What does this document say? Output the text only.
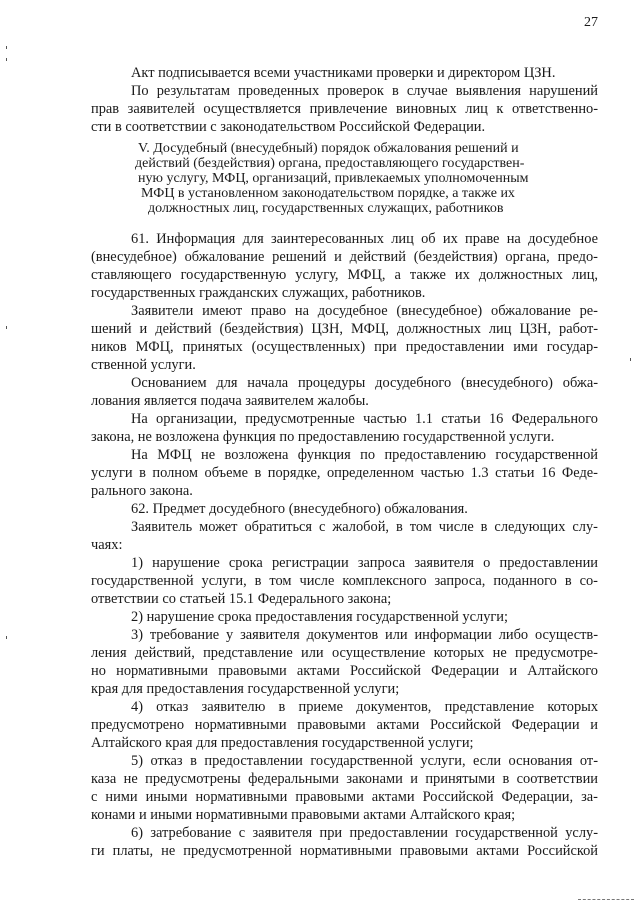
27
Акт подписывается всеми участниками проверки и директором ЦЗН.
По результатам проведенных проверок в случае выявления нарушений
прав заявителей осуществляется привлечение виновных лиц к ответственно-
сти в соответствии с законодательством Российской Федерации.
V. Досудебный (внесудебный) порядок обжалования решений и
действий (бездействия) органа, предоставляющего государствен-
ную услугу, МФЦ, организаций, привлекаемых уполномоченным
МФЦ в установленном законодательством порядке, а также их
должностных лиц, государственных служащих, работников
61. Информация для заинтересованных лиц об их праве на досудебное
(внесудебное) обжалование решений и действий (бездействия) органа, предо-
ставляющего государственную услугу, МФЦ, а также их должностных лиц,
государственных гражданских служащих, работников.
Заявители имеют право на досудебное (внесудебное) обжалование ре-
шений и действий (бездействия) ЦЗН, МФЦ, должностных лиц ЦЗН, работ-
ников МФЦ, принятых (осуществленных) при предоставлении ими государ-
ственной услуги.
Основанием для начала процедуры досудебного (внесудебного) обжа-
лования является подача заявителем жалобы.
На организации, предусмотренные частью 1.1 статьи 16 Федерального
закона, не возложена функция по предоставлению государственной услуги.
На МФЦ не возложена функция по предоставлению государственной
услуги в полном объеме в порядке, определенном частью 1.3 статьи 16 Феде-
рального закона.
62. Предмет досудебного (внесудебного) обжалования.
Заявитель может обратиться с жалобой, в том числе в следующих слу-
чаях:
1) нарушение срока регистрации запроса заявителя о предоставлении
государственной услуги, в том числе комплексного запроса, поданного в со-
ответствии со статьей 15.1 Федерального закона;
2) нарушение срока предоставления государственной услуги;
3) требование у заявителя документов или информации либо осуществ-
ления действий, представление или осуществление которых не предусмотре-
но нормативными правовыми актами Российской Федерации и Алтайского
края для предоставления государственной услуги;
4) отказ заявителю в приеме документов, представление которых
предусмотрено нормативными правовыми актами Российской Федерации и
Алтайского края для предоставления государственной услуги;
5) отказ в предоставлении государственной услуги, если основания от-
каза не предусмотрены федеральными законами и принятыми в соответствии
с ними иными нормативными правовыми актами Российской Федерации, за-
конами и иными нормативными правовыми актами Алтайского края;
6) затребование с заявителя при предоставлении государственной услу-
ги платы, не предусмотренной нормативными правовыми актами Российской
